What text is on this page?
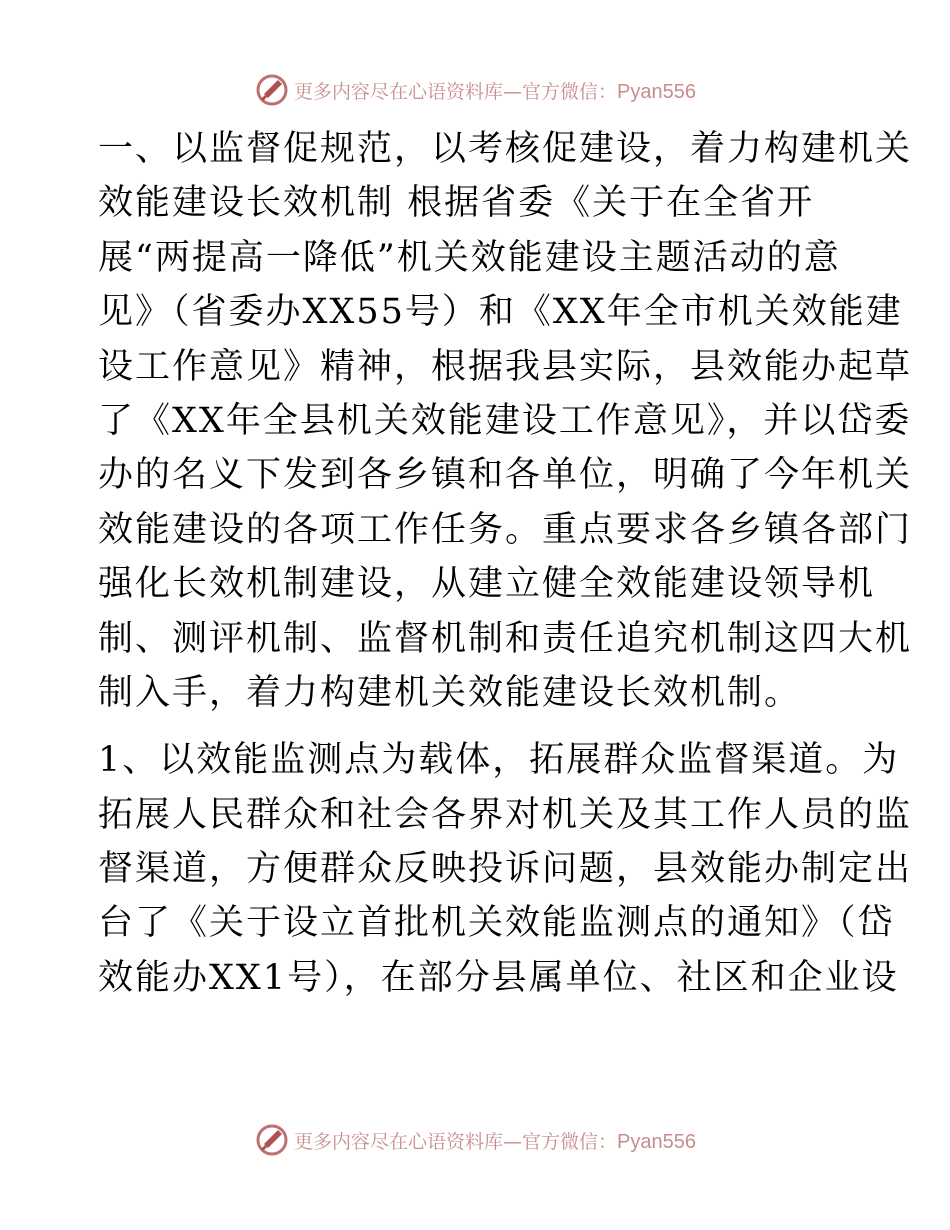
更多内容尽在心语资料库—官方微信：Pyan556

一、以监督促规范，以考核促建设，着力构建机关
效能建设长效机制 根据省委《关于在全省开
展“两提高一降低”机关效能建设主题活动的意
见》（省委办XX55号）和《XX年全市机关效能建
设工作意见》精神，根据我县实际，县效能办起草
了《XX年全县机关效能建设工作意见》，并以岱委
办的名义下发到各乡镇和各单位，明确了今年机关
效能建设的各项工作任务。重点要求各乡镇各部门
强化长效机制建设，从建立健全效能建设领导机
制、测评机制、监督机制和责任追究机制这四大机
制入手，着力构建机关效能建设长效机制。

1、以效能监测点为载体，拓展群众监督渠道。为
拓展人民群众和社会各界对机关及其工作人员的监
督渠道，方便群众反映投诉问题，县效能办制定出
台了《关于设立首批机关效能监测点的通知》（岱
效能办XX1号），在部分县属单位、社区和企业设

更多内容尽在心语资料库—官方微信：Pyan556
